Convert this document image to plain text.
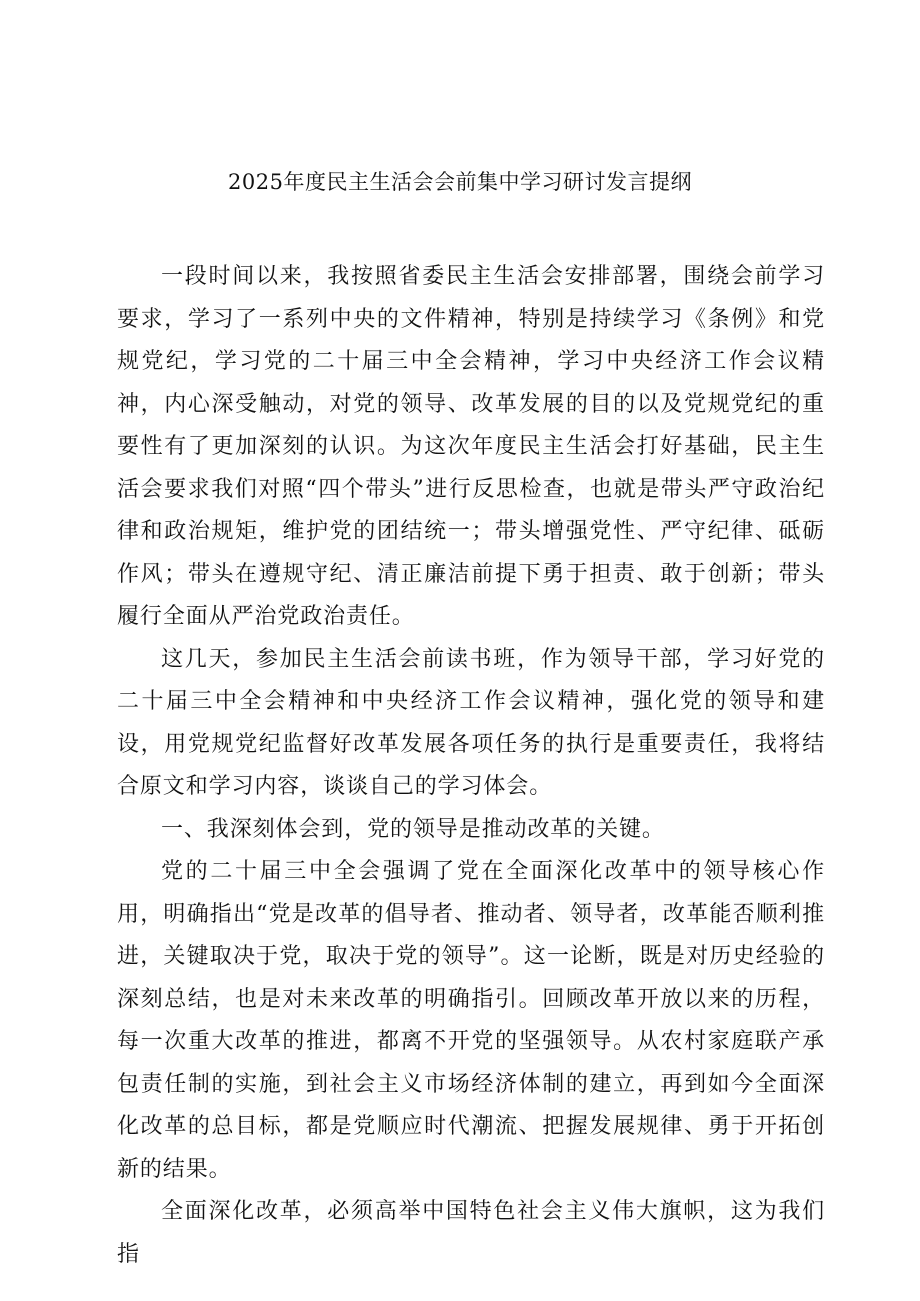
2025年度民主生活会会前集中学习研讨发言提纲

一段时间以来，我按照省委民主生活会安排部署，围绕会前学习要求，学习了一系列中央的文件精神，特别是持续学习《条例》和党规党纪，学习党的二十届三中全会精神，学习中央经济工作会议精神，内心深受触动，对党的领导、改革发展的目的以及党规党纪的重要性有了更加深刻的认识。为这次年度民主生活会打好基础，民主生活会要求我们对照“四个带头”进行反思检查，也就是带头严守政治纪律和政治规矩，维护党的团结统一；带头增强党性、严守纪律、砥砺作风；带头在遵规守纪、清正廉洁前提下勇于担责、敢于创新；带头履行全面从严治党政治责任。

这几天，参加民主生活会前读书班，作为领导干部，学习好党的二十届三中全会精神和中央经济工作会议精神，强化党的领导和建设，用党规党纪监督好改革发展各项任务的执行是重要责任，我将结合原文和学习内容，谈谈自己的学习体会。

一、我深刻体会到，党的领导是推动改革的关键。

党的二十届三中全会强调了党在全面深化改革中的领导核心作用，明确指出“党是改革的倡导者、推动者、领导者，改革能否顺利推进，关键取决于党，取决于党的领导”。这一论断，既是对历史经验的深刻总结，也是对未来改革的明确指引。回顾改革开放以来的历程，每一次重大改革的推进，都离不开党的坚强领导。从农村家庭联产承包责任制的实施，到社会主义市场经济体制的建立，再到如今全面深化改革的总目标，都是党顺应时代潮流、把握发展规律、勇于开拓创新的结果。

全面深化改革，必须高举中国特色社会主义伟大旗帜，这为我们指
